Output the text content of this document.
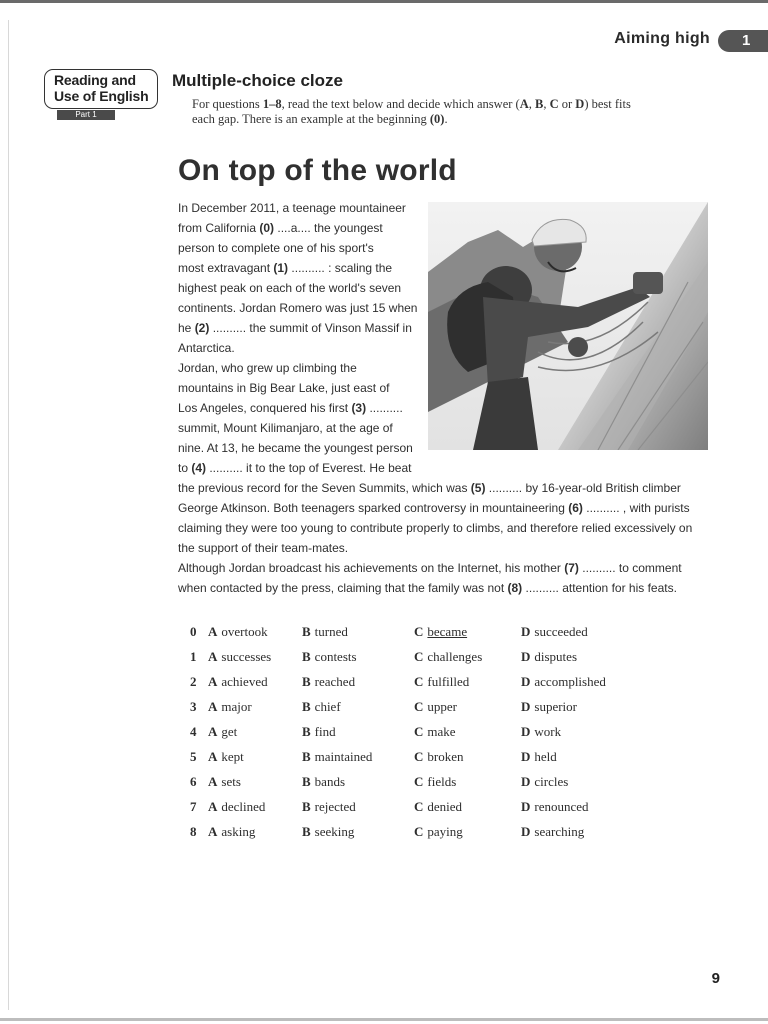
Aiming high	1
Reading and
Use of English
Part 1
Multiple-choice cloze
For questions 1–8, read the text below and decide which answer (A, B, C or D) best fits
each gap. There is an example at the beginning (0).
On top of the world
In December 2011, a teenage mountaineer
from California (0) ....a.... the youngest
person to complete one of his sport's
most extravagant (1) .......... : scaling the
highest peak on each of the world's seven
continents. Jordan Romero was just 15 when
he (2) .......... the summit of Vinson Massif in
Antarctica.
Jordan, who grew up climbing the
mountains in Big Bear Lake, just east of
Los Angeles, conquered his first (3) ..........
summit, Mount Kilimanjaro, at the age of
nine. At 13, he became the youngest person
to (4) .......... it to the top of Everest. He beat
the previous record for the Seven Summits, which was (5) .......... by 16-year-old British climber
George Atkinson. Both teenagers sparked controversy in mountaineering (6) .......... , with purists
claiming they were too young to contribute properly to climbs, and therefore relied excessively on
the support of their team-mates.
Although Jordan broadcast his achievements on the Internet, his mother (7) .......... to comment
when contacted by the press, claiming that the family was not (8) .......... attention for his feats.
0 A overtook	B turned	C became	D succeeded
1 A successes B contests	C challenges	D disputes
2 A achieved	B reached	C fulfilled	D accomplished
3 A major	B chief	C upper	D superior
4 A get	B find	C make	D work
5 A kept	B maintained	C broken	D held
6 A sets	B bands	C fields	D circles
7 A declined	B rejected	C denied	D renounced
8 A asking	B seeking	C paying	D searching
9
